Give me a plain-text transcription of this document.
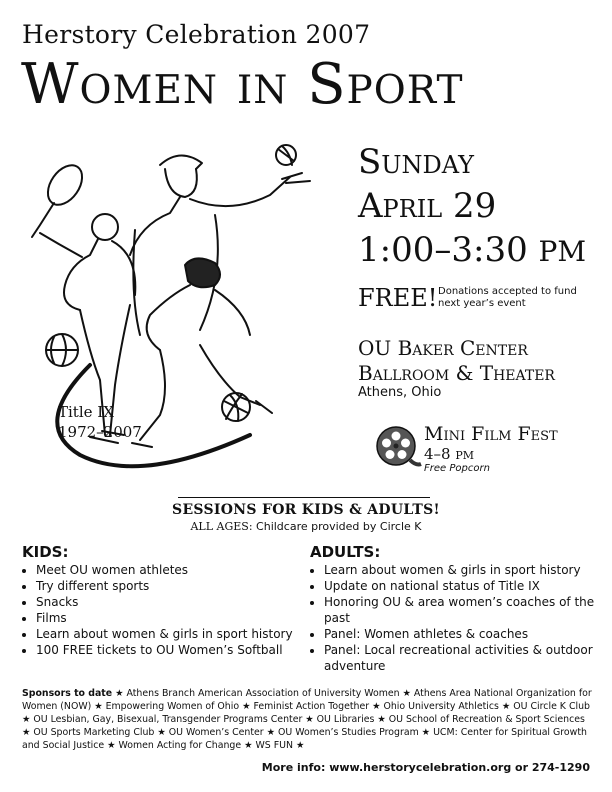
Herstory Celebration 2007
Women in Sport
Title IX
1972–2007
Sunday
April 29
1:00–3:30 PM
FREE! Donations accepted to fund next year’s event
OU Baker Center
Ballroom & Theater
Athens, Ohio
Mini Film Fest
4–8 PM
Free Popcorn
SESSIONS FOR KIDS & ADULTS!
ALL AGES: Childcare provided by Circle K
KIDS:
• Meet OU women athletes
• Try different sports
• Snacks
• Films
• Learn about women & girls in sport history
• 100 FREE tickets to OU Women’s Softball
ADULTS:
• Learn about women & girls in sport history
• Update on national status of Title IX
• Honoring OU & area women’s coaches of the past
• Panel: Women athletes & coaches
• Panel: Local recreational activities & outdoor adventure
Sponsors to date ★ Athens Branch American Association of University Women ★ Athens Area National Organization for Women (NOW) ★ Empowering Women of Ohio ★ Feminist Action Together ★ Ohio University Athletics ★ OU Circle K Club ★ OU Lesbian, Gay, Bisexual, Transgender Programs Center ★ OU Libraries ★ OU School of Recreation & Sport Sciences ★ OU Sports Marketing Club ★ OU Women’s Center ★ OU Women’s Studies Program ★ UCM: Center for Spiritual Growth and Social Justice ★ Women Acting for Change ★ WS FUN ★
More info: www.herstorycelebration.org or 274-1290
